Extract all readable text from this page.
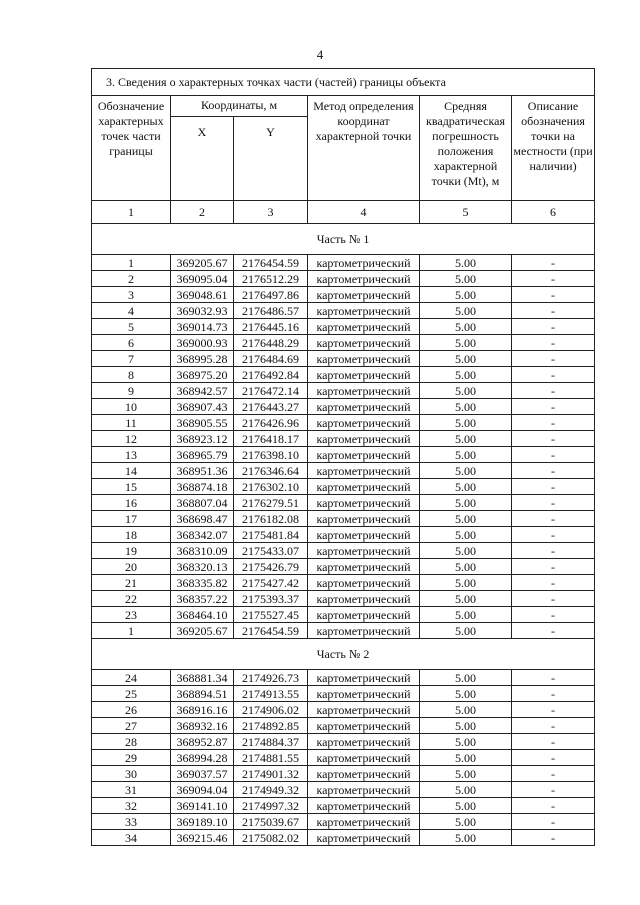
4
3. Сведения о характерных точках части (частей) границы объекта					
Обозначение характерных точек части границы	Координаты, м		Метод определения координат характерной точки	Средняя квадратическая погрешность положения характерной точки (Mt), м	Описание обозначения точки на местности (при наличии)
	X	Y			
1	2	3	4	5	6
Часть № 1					
1	369205.67	2176454.59	картометрический	5.00	-
2	369095.04	2176512.29	картометрический	5.00	-
3	369048.61	2176497.86	картометрический	5.00	-
4	369032.93	2176486.57	картометрический	5.00	-
5	369014.73	2176445.16	картометрический	5.00	-
6	369000.93	2176448.29	картометрический	5.00	-
7	368995.28	2176484.69	картометрический	5.00	-
8	368975.20	2176492.84	картометрический	5.00	-
9	368942.57	2176472.14	картометрический	5.00	-
10	368907.43	2176443.27	картометрический	5.00	-
11	368905.55	2176426.96	картометрический	5.00	-
12	368923.12	2176418.17	картометрический	5.00	-
13	368965.79	2176398.10	картометрический	5.00	-
14	368951.36	2176346.64	картометрический	5.00	-
15	368874.18	2176302.10	картометрический	5.00	-
16	368807.04	2176279.51	картометрический	5.00	-
17	368698.47	2176182.08	картометрический	5.00	-
18	368342.07	2175481.84	картометрический	5.00	-
19	368310.09	2175433.07	картометрический	5.00	-
20	368320.13	2175426.79	картометрический	5.00	-
21	368335.82	2175427.42	картометрический	5.00	-
22	368357.22	2175393.37	картометрический	5.00	-
23	368464.10	2175527.45	картометрический	5.00	-
1	369205.67	2176454.59	картометрический	5.00	-
Часть № 2					
24	368881.34	2174926.73	картометрический	5.00	-
25	368894.51	2174913.55	картометрический	5.00	-
26	368916.16	2174906.02	картометрический	5.00	-
27	368932.16	2174892.85	картометрический	5.00	-
28	368952.87	2174884.37	картометрический	5.00	-
29	368994.28	2174881.55	картометрический	5.00	-
30	369037.57	2174901.32	картометрический	5.00	-
31	369094.04	2174949.32	картометрический	5.00	-
32	369141.10	2174997.32	картометрический	5.00	-
33	369189.10	2175039.67	картометрический	5.00	-
34	369215.46	2175082.02	картометрический	5.00	-
